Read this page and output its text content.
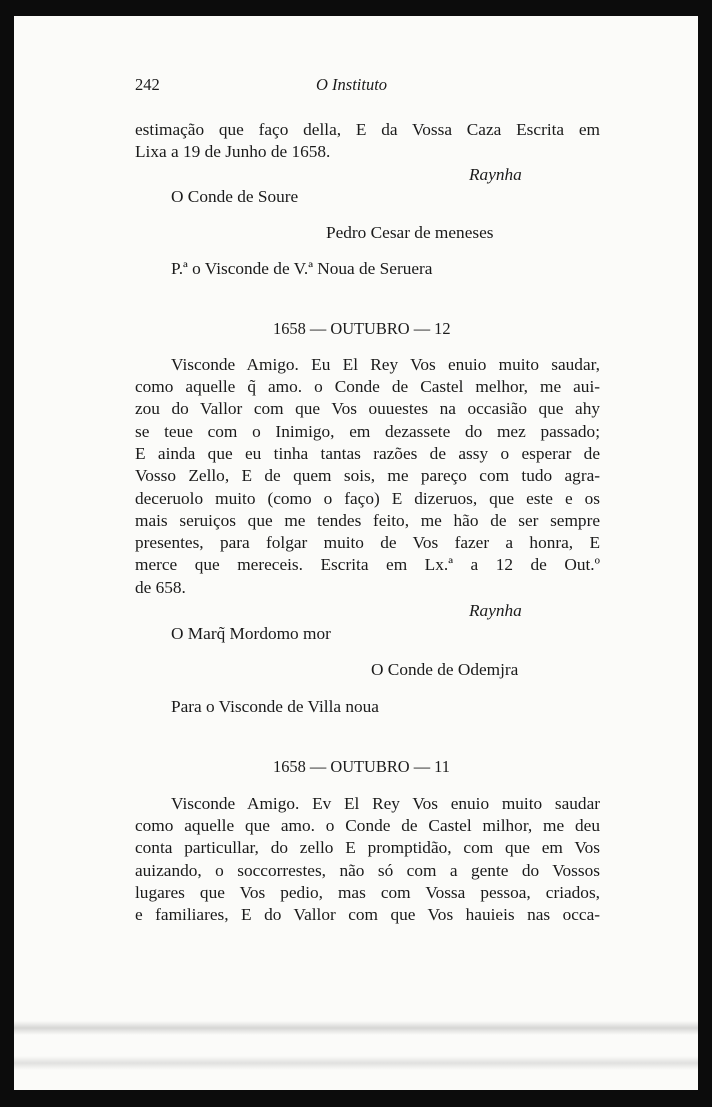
242	O Instituto
estimação que faço della, E da Vossa Caza Escrita em
Lixa a 19 de Junho de 1658.
Raynha
O Conde de Soure
Pedro Cesar de meneses
P.ª o Visconde de V.ª Noua de Seruera
1658 — OUTUBRO — 12
Visconde Amigo. Eu El Rey Vos enuio muito saudar,
como aquelle q̃ amo. o Conde de Castel melhor, me aui-
zou do Vallor com que Vos ouuestes na occasião que ahy
se teue com o Inimigo, em dezassete do mez passado;
E ainda que eu tinha tantas razões de assy o esperar de
Vosso Zello, E de quem sois, me pareço com tudo agra-
deceruolo muito (como o faço) E dizeruos, que este e os
mais seruiços que me tendes feito, me hão de ser sempre
presentes, para folgar muito de Vos fazer a honra, E
merce que mereceis. Escrita em Lx.ª a 12 de Out.º
de 658.
Raynha
O Marq̃ Mordomo mor
O Conde de Odemjra
Para o Visconde de Villa noua
1658 — OUTUBRO — 11
Visconde Amigo. Ev El Rey Vos enuio muito saudar
como aquelle que amo. o Conde de Castel milhor, me deu
conta particullar, do zello E promptidão, com que em Vos
auizando, o soccorrestes, não só com a gente do Vossos
lugares que Vos pedio, mas com Vossa pessoa, criados,
e familiares, E do Vallor com que Vos hauieis nas occa-
